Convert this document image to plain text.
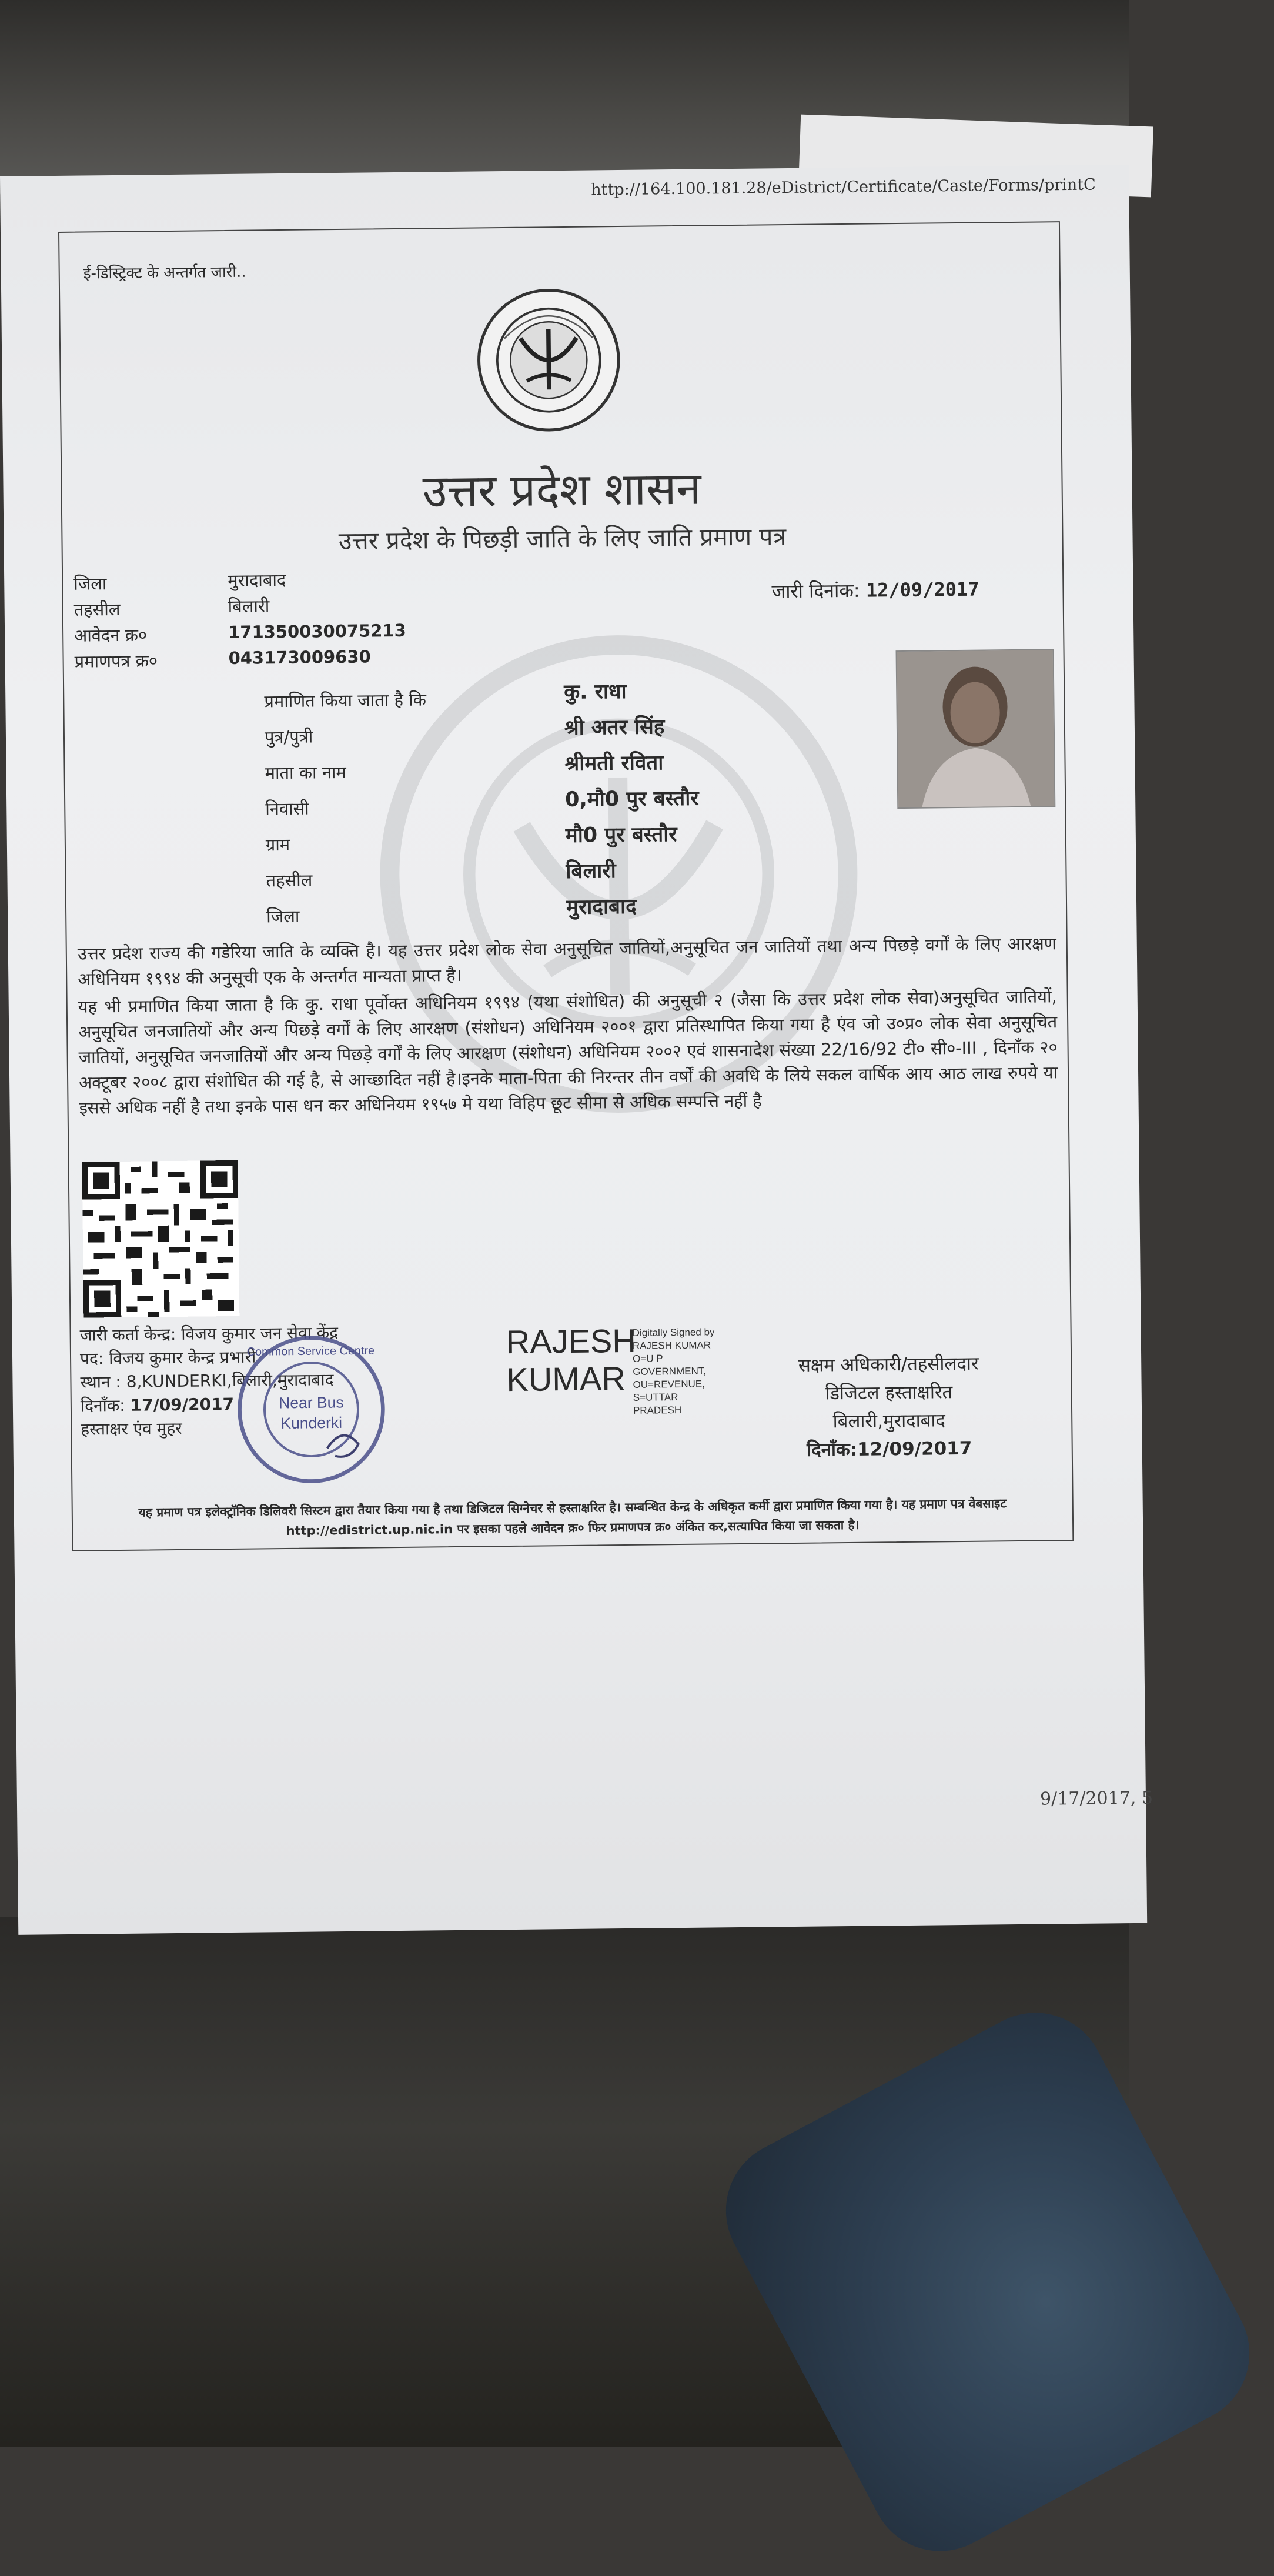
http://164.100.181.28/eDistrict/Certificate/Caste/Forms/printC
ई-डिस्ट्रिक्ट के अन्तर्गत जारी..
उत्तर प्रदेश शासन
उत्तर प्रदेश के पिछड़ी जाति के लिए जाति प्रमाण पत्र
जिला
तहसील
आवेदन क्र०
प्रमाणपत्र क्र०
मुरादाबाद
बिलारी
171350030075213
043173009630
जारी दिनांक: 12/09/2017
प्रमाणित किया जाता है कि
पुत्र/पुत्री
माता का नाम
निवासी
ग्राम
तहसील
जिला
कु. राधा
श्री अतर सिंह
श्रीमती रविता
0,मौ0 पुर बस्तौर
मौ0 पुर बस्तौर
बिलारी
मुरादाबाद
उत्तर प्रदेश राज्य की गडेरिया जाति के व्यक्ति है। यह उत्तर प्रदेश लोक सेवा अनुसूचित जातियों,अनुसूचित जन जातियों तथा अन्य पिछड़े वर्गों के लिए आरक्षण अधिनियम १९९४ की अनुसूची एक के अन्तर्गत मान्यता प्राप्त है।
यह भी प्रमाणित किया जाता है कि कु. राधा पूर्वोक्त अधिनियम १९९४ (यथा संशोधित) की अनुसूची २ (जैसा कि उत्तर प्रदेश लोक सेवा)अनुसूचित जातियों, अनुसूचित जनजातियों और अन्य पिछड़े वर्गों के लिए आरक्षण (संशोधन) अधिनियम २००१ द्वारा प्रतिस्थापित किया गया है एंव जो उ०प्र० लोक सेवा अनुसूचित जातियों, अनुसूचित जनजातियों और अन्य पिछड़े वर्गों के लिए आरक्षण (संशोधन) अधिनियम २००२ एवं शासनादेश संख्या 22/16/92 टी० सी०-III , दिनाँक २० अक्टूबर २००८ द्वारा संशोधित की गई है, से आच्छादित नहीं है।इनके माता-पिता की निरन्तर तीन वर्षों की अवधि के लिये सकल वार्षिक आय आठ लाख रुपये या इससे अधिक नहीं है तथा इनके पास धन कर अधिनियम १९५७ मे यथा विहिप छूट सीमा से अधिक सम्पत्ति नहीं है
जारी कर्ता केन्द्र: विजय कुमार जन सेवा केंद्र
पद: विजय कुमार केन्द्र प्रभारी
स्थान : 8,KUNDERKI,बिलारी,मुरादाबाद
दिनाँक: 17/09/2017
हस्ताक्षर एंव मुहर
Common Service Centre
Near Bus
Kunderki
RAJESH
KUMAR
Digitally Signed by
RAJESH KUMAR
O=U P
GOVERNMENT,
OU=REVENUE,
S=UTTAR
PRADESH
सक्षम अधिकारी/तहसीलदार
डिजिटल हस्ताक्षरित
बिलारी,मुरादाबाद
दिनाँक:12/09/2017
यह प्रमाण पत्र इलेक्ट्रॉनिक डिलिवरी सिस्टम द्वारा तैयार किया गया है तथा डिजिटल सिग्नेचर से हस्ताक्षरित है। सम्बन्धित केन्द्र के अधिकृत कर्मी द्वारा प्रमाणित किया गया है। यह प्रमाण पत्र वेबसाइट http://edistrict.up.nic.in पर इसका पहले आवेदन क्र० फिर प्रमाणपत्र क्र० अंकित कर,सत्यापित किया जा सकता है।
9/17/2017, 5
